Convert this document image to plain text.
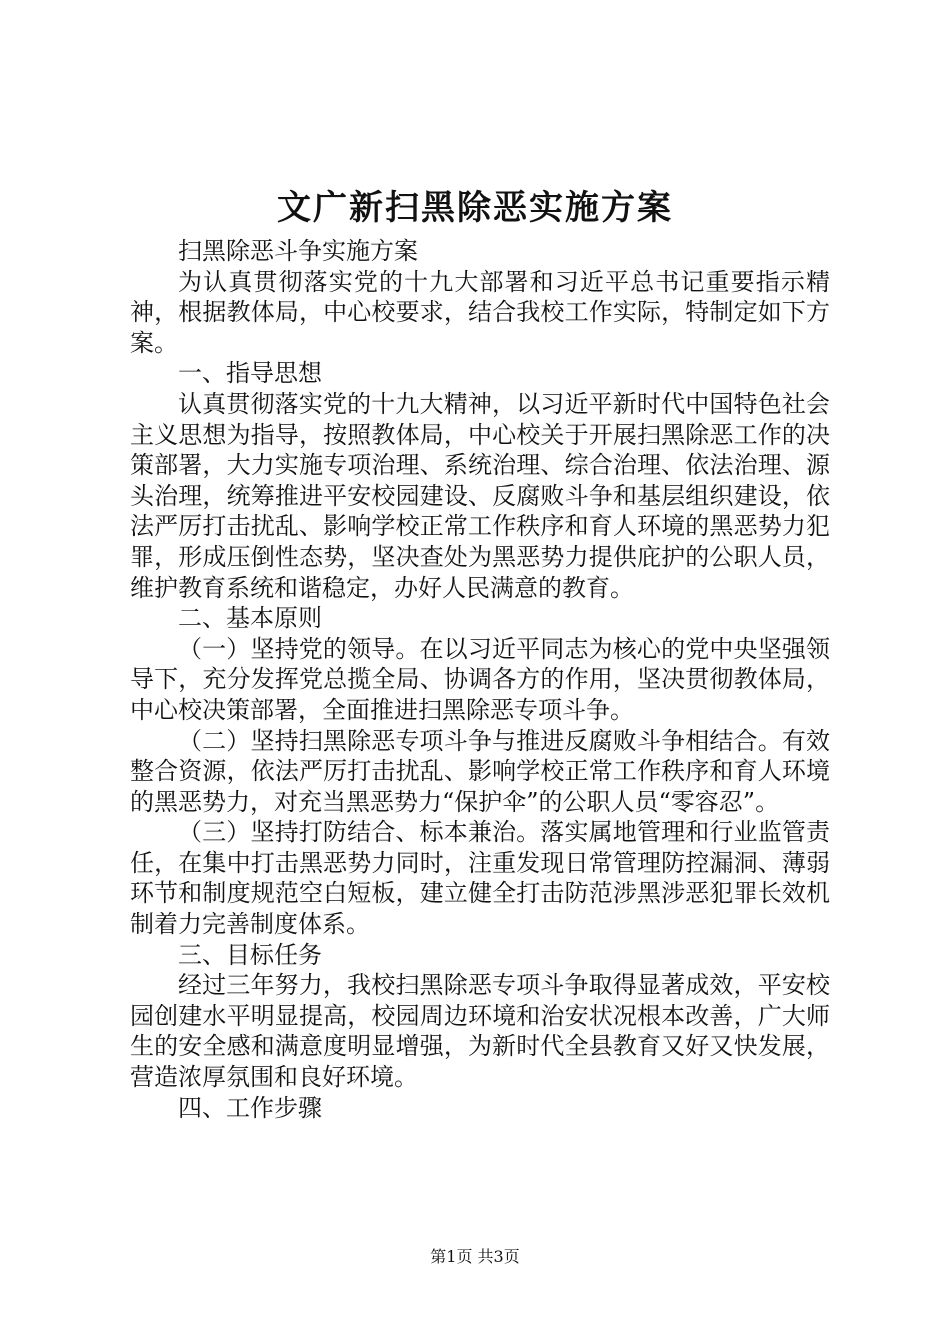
文广新扫黑除恶实施方案

扫黑除恶斗争实施方案

为认真贯彻落实党的十九大部署和习近平总书记重要指示精神，根据教体局，中心校要求，结合我校工作实际，特制定如下方案。

一、指导思想

认真贯彻落实党的十九大精神，以习近平新时代中国特色社会主义思想为指导，按照教体局，中心校关于开展扫黑除恶工作的决策部署，大力实施专项治理、系统治理、综合治理、依法治理、源头治理，统筹推进平安校园建设、反腐败斗争和基层组织建设，依法严厉打击扰乱、影响学校正常工作秩序和育人环境的黑恶势力犯罪，形成压倒性态势，坚决查处为黑恶势力提供庇护的公职人员，维护教育系统和谐稳定，办好人民满意的教育。

二、基本原则

（一）坚持党的领导。在以习近平同志为核心的党中央坚强领导下，充分发挥党总揽全局、协调各方的作用，坚决贯彻教体局，中心校决策部署，全面推进扫黑除恶专项斗争。

（二）坚持扫黑除恶专项斗争与推进反腐败斗争相结合。有效整合资源，依法严厉打击扰乱、影响学校正常工作秩序和育人环境的黑恶势力，对充当黑恶势力“保护伞”的公职人员“零容忍”。

（三）坚持打防结合、标本兼治。落实属地管理和行业监管责任，在集中打击黑恶势力同时，注重发现日常管理防控漏洞、薄弱环节和制度规范空白短板，建立健全打击防范涉黑涉恶犯罪长效机制着力完善制度体系。

三、目标任务

经过三年努力，我校扫黑除恶专项斗争取得显著成效，平安校园创建水平明显提高，校园周边环境和治安状况根本改善，广大师生的安全感和满意度明显增强，为新时代全县教育又好又快发展，营造浓厚氛围和良好环境。

四、工作步骤

第1页 共3页
